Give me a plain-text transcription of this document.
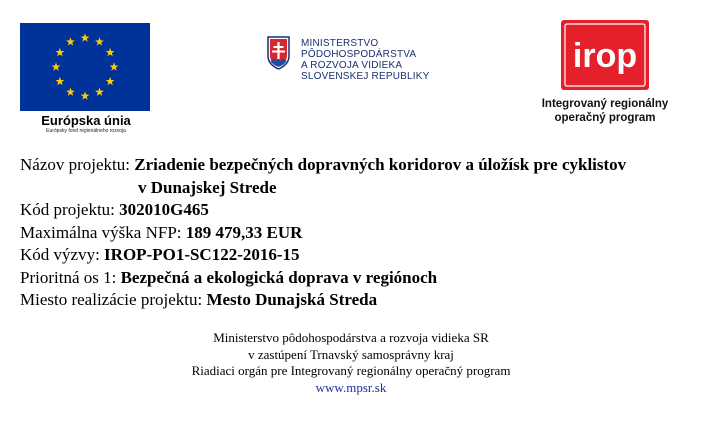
Európska únia
Európsky fond regionálneho rozvoja
MINISTERSTVO
PÔDOHOSPODÁRSTVA
A ROZVOJA VIDIEKA
SLOVENSKEJ REPUBLIKY
irop
Integrovaný regionálny
operačný program
Názov projektu: Zriadenie bezpečných dopravných koridorov a úložísk pre cyklistov
v Dunajskej Strede
Kód projektu: 302010G465
Maximálna výška NFP: 189 479,33 EUR
Kód výzvy: IROP-PO1-SC122-2016-15
Prioritná os 1: Bezpečná a ekologická doprava v regiónoch
Miesto realizácie projektu: Mesto Dunajská Streda
Ministerstvo pôdohospodárstva a rozvoja vidieka SR
v zastúpení Trnavský samosprávny kraj
Riadiaci orgán pre Integrovaný regionálny operačný program
www.mpsr.sk
